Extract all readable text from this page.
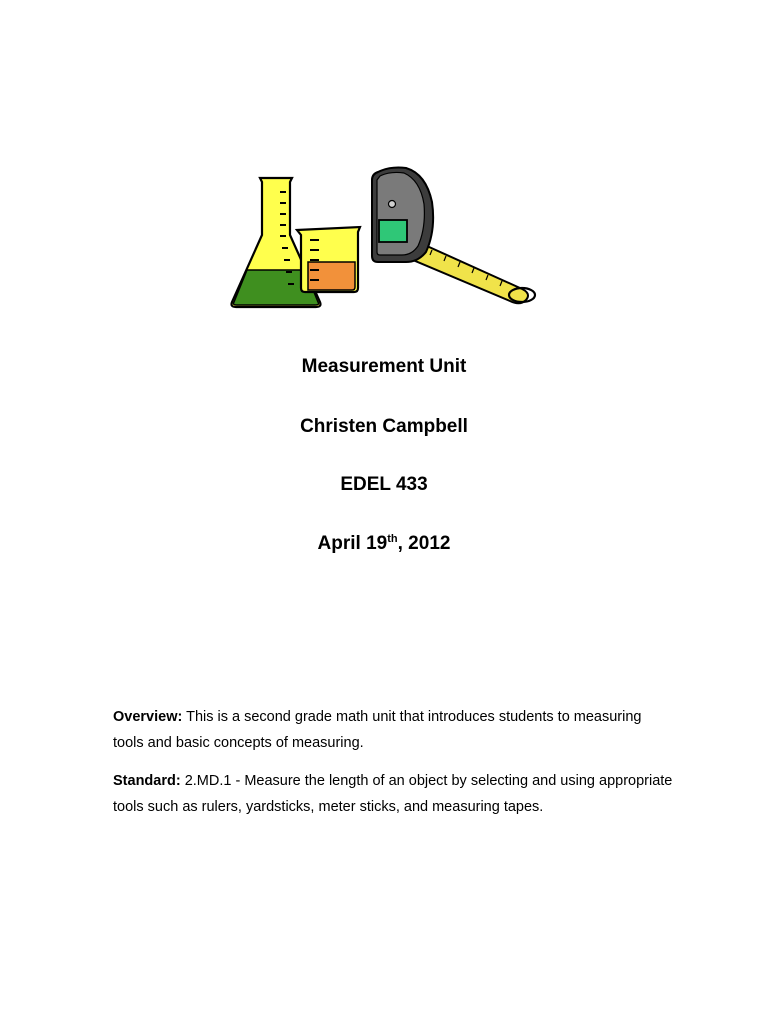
Measurement Unit
Christen Campbell
EDEL 433
April 19th, 2012
Overview: This is a second grade math unit that introduces students to measuring tools and basic concepts of measuring.
Standard: 2.MD.1 - Measure the length of an object by selecting and using appropriate tools such as rulers, yardsticks, meter sticks, and measuring tapes.
